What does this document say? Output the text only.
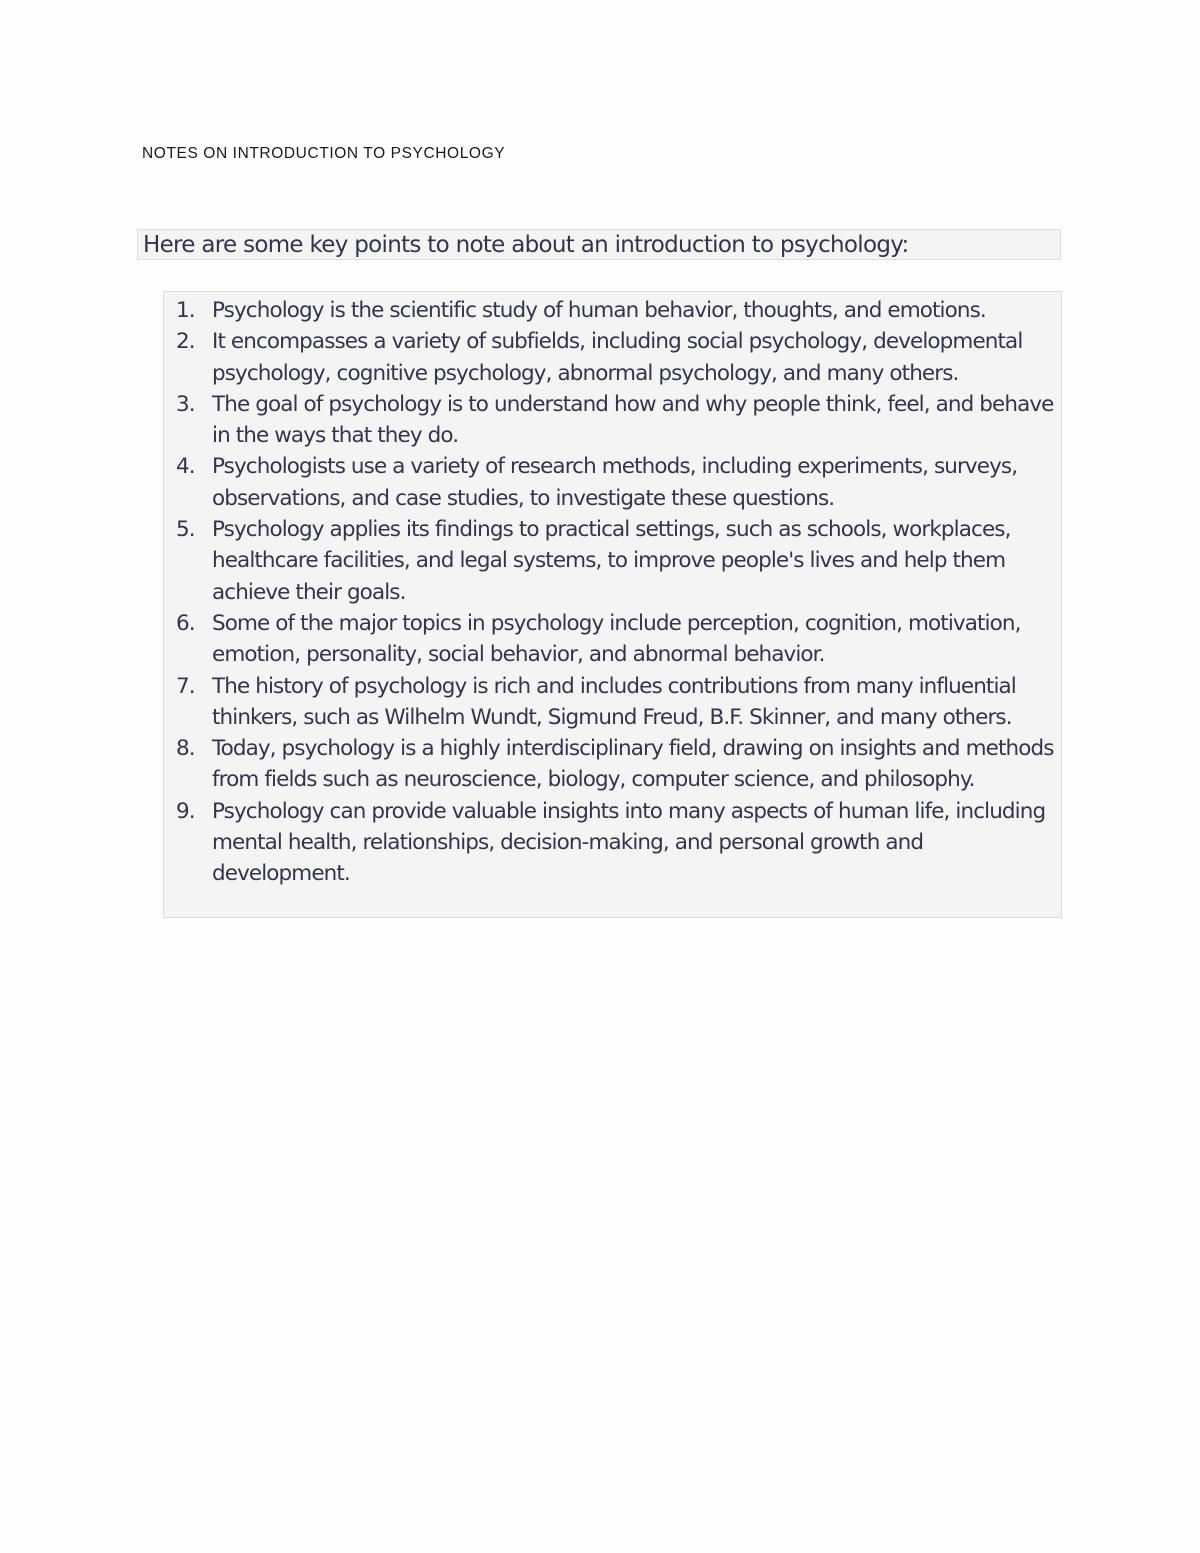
NOTES ON INTRODUCTION TO PSYCHOLOGY
Here are some key points to note about an introduction to psychology:
1. Psychology is the scientific study of human behavior, thoughts, and emotions.
2. It encompasses a variety of subfields, including social psychology, developmental psychology, cognitive psychology, abnormal psychology, and many others.
3. The goal of psychology is to understand how and why people think, feel, and behave in the ways that they do.
4. Psychologists use a variety of research methods, including experiments, surveys, observations, and case studies, to investigate these questions.
5. Psychology applies its findings to practical settings, such as schools, workplaces, healthcare facilities, and legal systems, to improve people's lives and help them achieve their goals.
6. Some of the major topics in psychology include perception, cognition, motivation, emotion, personality, social behavior, and abnormal behavior.
7. The history of psychology is rich and includes contributions from many influential thinkers, such as Wilhelm Wundt, Sigmund Freud, B.F. Skinner, and many others.
8. Today, psychology is a highly interdisciplinary field, drawing on insights and methods from fields such as neuroscience, biology, computer science, and philosophy.
9. Psychology can provide valuable insights into many aspects of human life, including mental health, relationships, decision-making, and personal growth and development.
